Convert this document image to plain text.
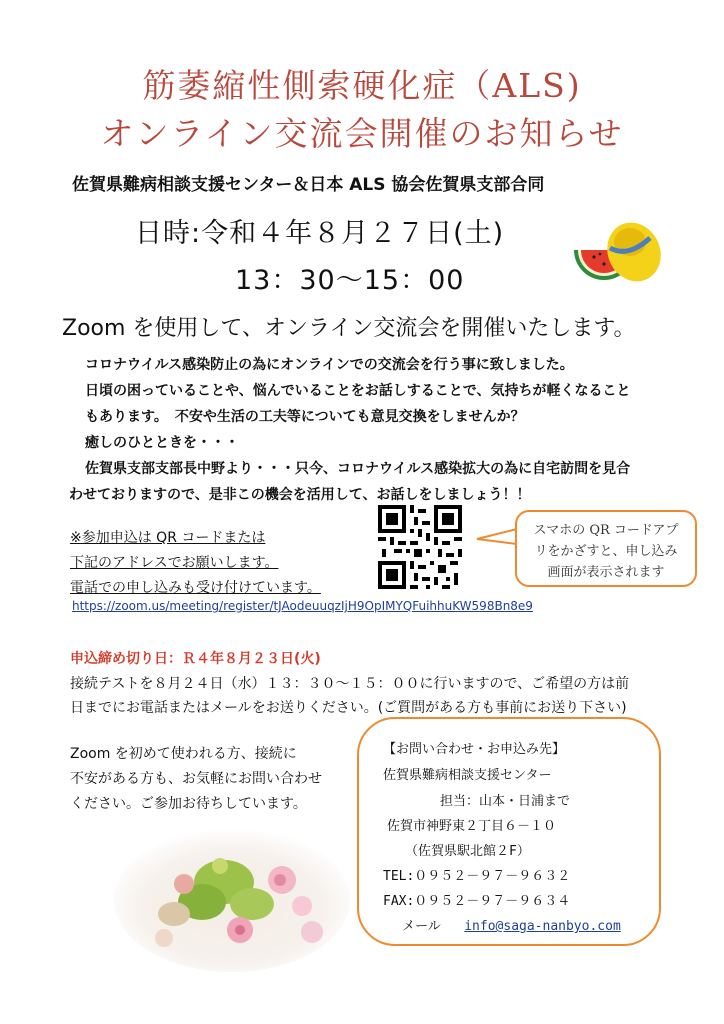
筋萎縮性側索硬化症（ALS)
オンライン交流会開催のお知らせ
佐賀県難病相談支援センター＆日本 ALS 協会佐賀県支部合同
日時:令和４年８月２７日(土)
13：30～15：00
Zoom を使用して、オンライン交流会を開催いたします。
コロナウイルス感染防止の為にオンラインでの交流会を行う事に致しました。
日頃の困っていることや、悩んでいることをお話しすることで、気持ちが軽くなること
もあります。　不安や生活の工夫等についても意見交換をしませんか？
癒しのひとときを・・・
佐賀県支部支部長中野より・・・只今、コロナウイルス感染拡大の為に自宅訪問を見合
わせておりますので、是非この機会を活用して、お話しをしましょう！！
※参加申込は QR コードまたは
下記のアドレスでお願いします。
電話での申し込みも受け付けています。
スマホの QR コードアプ
リをかざすと、申し込み
画面が表示されます
https://zoom.us/meeting/register/tJAodeuuqzIjH9OpIMYQFuihhuKW598Bn8e9
申込締め切り日：Ｒ４年８月２３日(火)
接続テストを８月２４日（水）１３：３０～１５：００に行いますので、ご希望の方は前
日までにお電話またはメールをお送りください。(ご質問がある方も事前にお送り下さい)
Zoom を初めて使われる方、接続に
不安がある方も、お気軽にお問い合わせ
ください。ご参加お待ちしています。
【お問い合わせ・お申込み先】
佐賀県難病相談支援センター
担当：山本・日浦まで
佐賀市神野東２丁目６－１０
（佐賀県駅北館２F）
TEL:０９５２－９７－９６３２
FAX:０９５２－９７－９６３４
メール info@saga-nanbyo.com
